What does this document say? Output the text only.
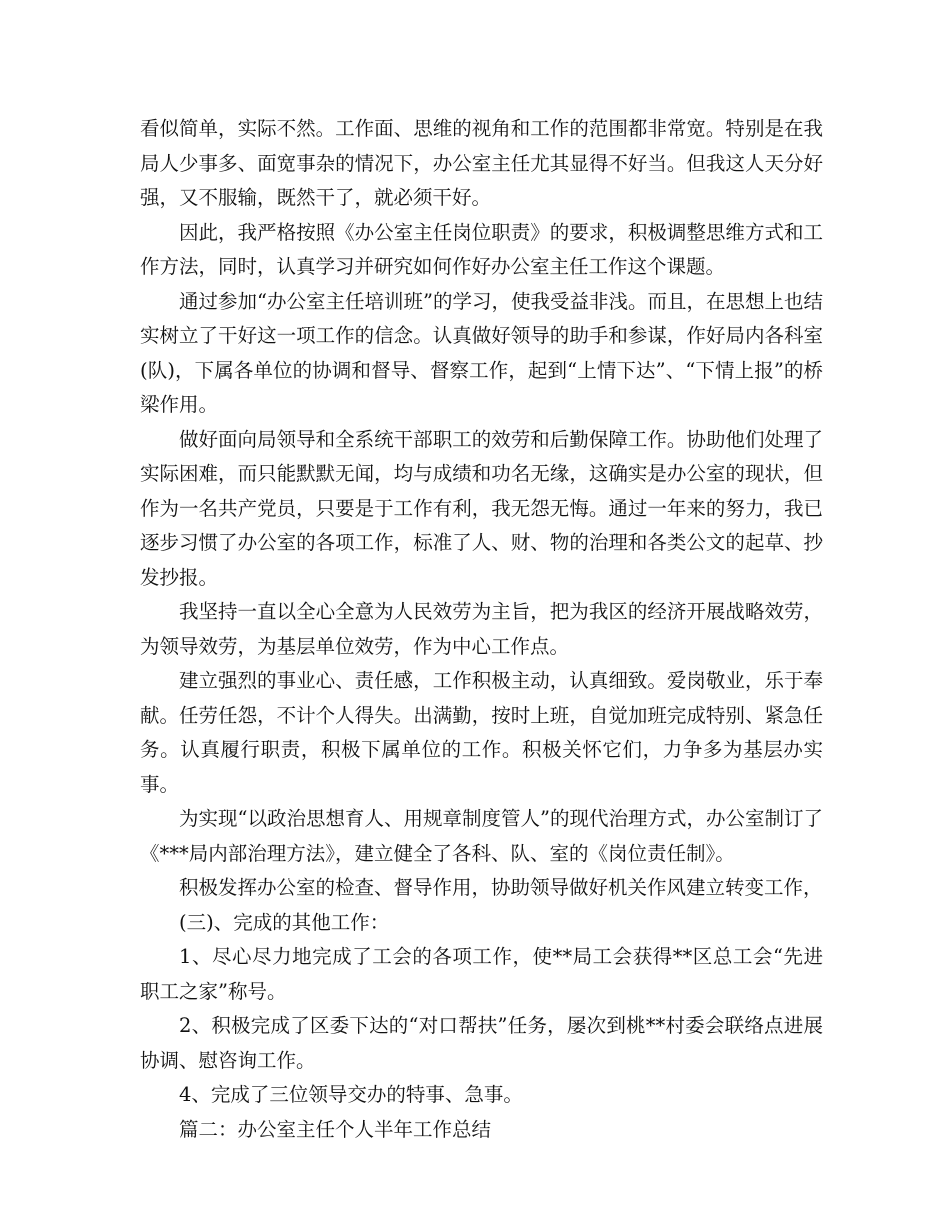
看似简单，实际不然。工作面、思维的视角和工作的范围都非常宽。特别是在我局人少事多、面宽事杂的情况下，办公室主任尤其显得不好当。但我这人天分好强，又不服输，既然干了，就必须干好。

因此，我严格按照《办公室主任岗位职责》的要求，积极调整思维方式和工作方法，同时，认真学习并研究如何作好办公室主任工作这个课题。

通过参加“办公室主任培训班”的学习，使我受益非浅。而且，在思想上也结实树立了干好这一项工作的信念。认真做好领导的助手和参谋，作好局内各科室(队)，下属各单位的协调和督导、督察工作，起到“上情下达”、“下情上报”的桥梁作用。

做好面向局领导和全系统干部职工的效劳和后勤保障工作。协助他们处理了实际困难，而只能默默无闻，均与成绩和功名无缘，这确实是办公室的现状，但作为一名共产党员，只要是于工作有利，我无怨无悔。通过一年来的努力，我已逐步习惯了办公室的各项工作，标准了人、财、物的治理和各类公文的起草、抄发抄报。

我坚持一直以全心全意为人民效劳为主旨，把为我区的经济开展战略效劳，为领导效劳，为基层单位效劳，作为中心工作点。

建立强烈的事业心、责任感，工作积极主动，认真细致。爱岗敬业，乐于奉献。任劳任怨，不计个人得失。出满勤，按时上班，自觉加班完成特别、紧急任务。认真履行职责，积极下属单位的工作。积极关怀它们，力争多为基层办实事。

为实现“以政治思想育人、用规章制度管人”的现代治理方式，办公室制订了《***局内部治理方法》，建立健全了各科、队、室的《岗位责任制》。

积极发挥办公室的检查、督导作用，协助领导做好机关作风建立转变工作，

(三)、完成的其他工作：

1、尽心尽力地完成了工会的各项工作，使**局工会获得**区总工会“先进职工之家”称号。

2、积极完成了区委下达的“对口帮扶”任务，屡次到桃**村委会联络点进展协调、慰咨询工作。

4、完成了三位领导交办的特事、急事。

篇二：办公室主任个人半年工作总结
